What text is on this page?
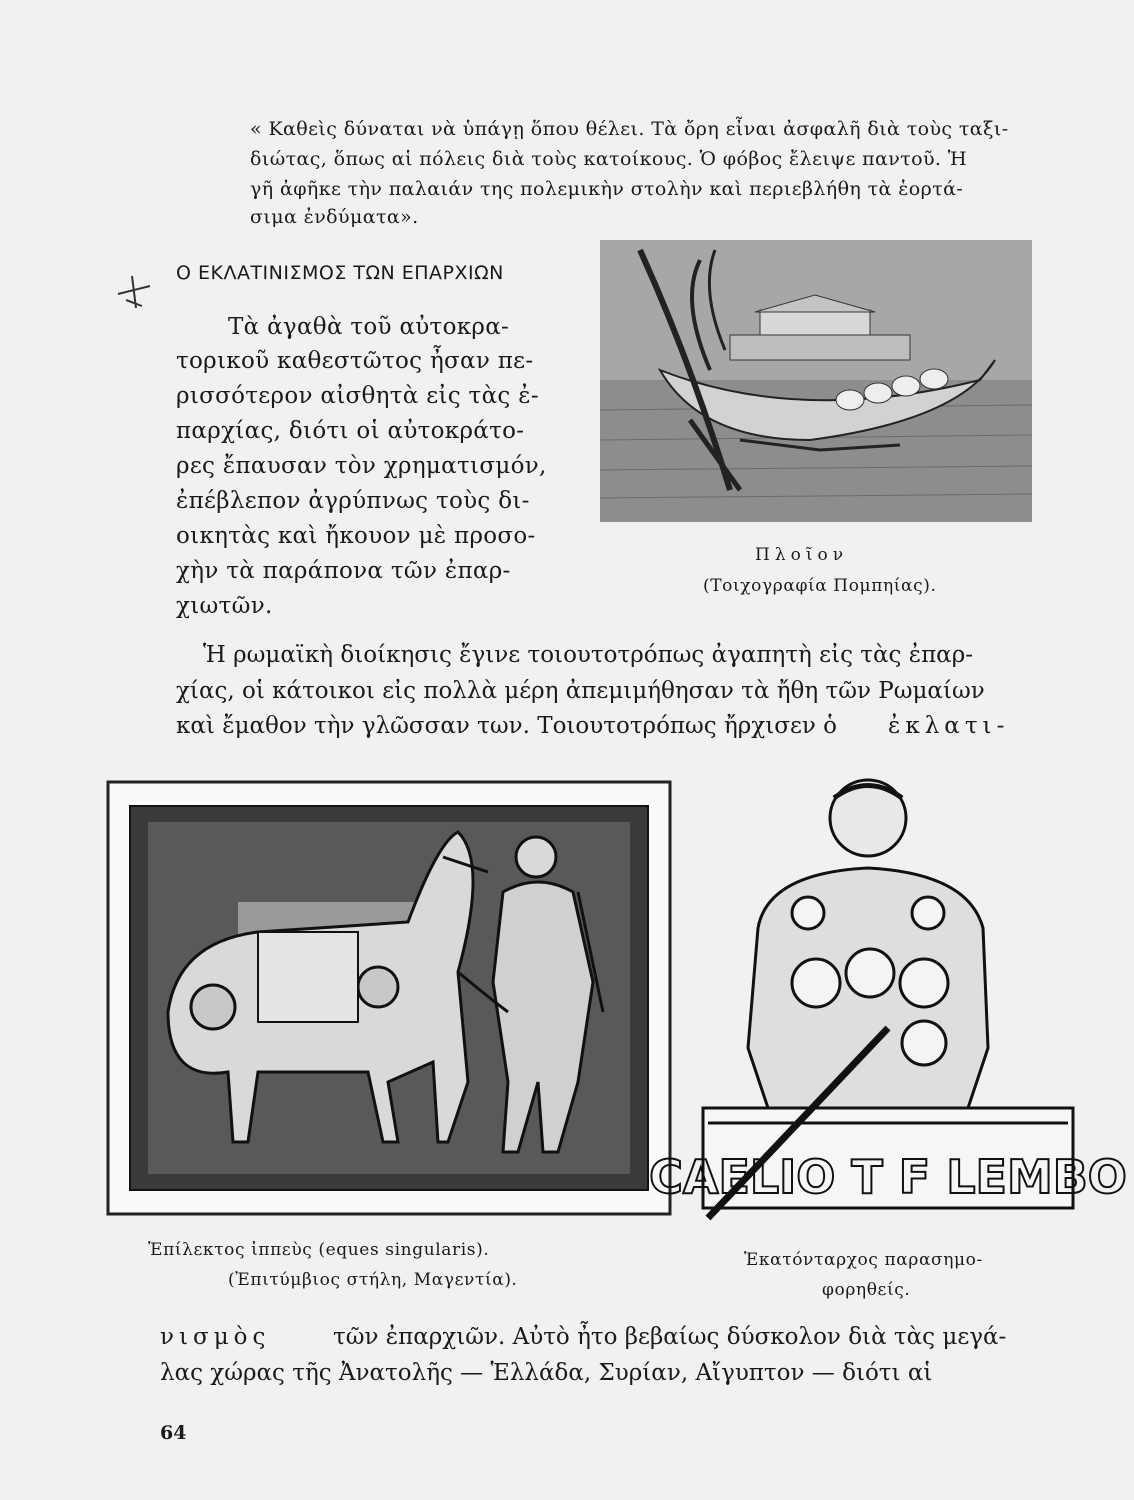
« Καθεὶς δύναται νὰ ὑπάγῃ ὅπου θέλει. Τὰ ὄρη εἶναι ἀσφαλῆ διὰ τοὺς ταξι-
διώτας, ὅπως αἱ πόλεις διὰ τοὺς κατοίκους. Ὁ φόβος ἔλειψε παντοῦ. Ἡ
γῆ ἀφῆκε τὴν παλαιάν της πολεμικὴν στολὴν καὶ περιεβλήθη τὰ ἑορτά-
σιμα ἐνδύματα».
Ο ΕΚΛΑΤΙΝΙΣΜΟΣ ΤΩΝ ΕΠΑΡΧΙΩΝ
Τὰ ἀγαθὰ τοῦ αὐτοκρα-
τορικοῦ καθεστῶτος ἦσαν πε-
ρισσότερον αἰσθητὰ εἰς τὰς ἐ-
παρχίας, διότι οἱ αὐτοκράτο-
ρες ἔπαυσαν τὸν χρηματισμόν,
ἐπέβλεπον ἀγρύπνως τοὺς δι-
οικητὰς καὶ ἤκουον μὲ προσο-
χὴν τὰ παράπονα τῶν ἐπαρ-
χιωτῶν.
Πλοῖον
(Τοιχογραφία Πομπηίας).
Ἡ ρωμαϊκὴ διοίκησις ἔγινε τοιουτοτρόπως ἀγαπητὴ εἰς τὰς ἐπαρ-
χίας, οἱ κάτοικοι εἰς πολλὰ μέρη ἀπεμιμήθησαν τὰ ἤθη τῶν Ρωμαίων
καὶ ἔμαθον τὴν γλῶσσαν των. Τοιουτοτρόπως ἤρχισεν ὁ ἐκλατι-
Ἐπίλεκτος ἱππεὺς (eques singularis).
(Ἐπιτύμβιος στήλη, Μαγεντία).
CAELIO T F LEMBO
Ἑκατόνταρχος παρασημο-
φορηθείς.
νισμὸς	τῶν ἐπαρχιῶν. Αὐτὸ ἦτο βεβαίως δύσκολον διὰ τὰς μεγά-
λας χώρας τῆς Ἀνατολῆς — Ἑλλάδα, Συρίαν, Αἴγυπτον — διότι αἱ
64
